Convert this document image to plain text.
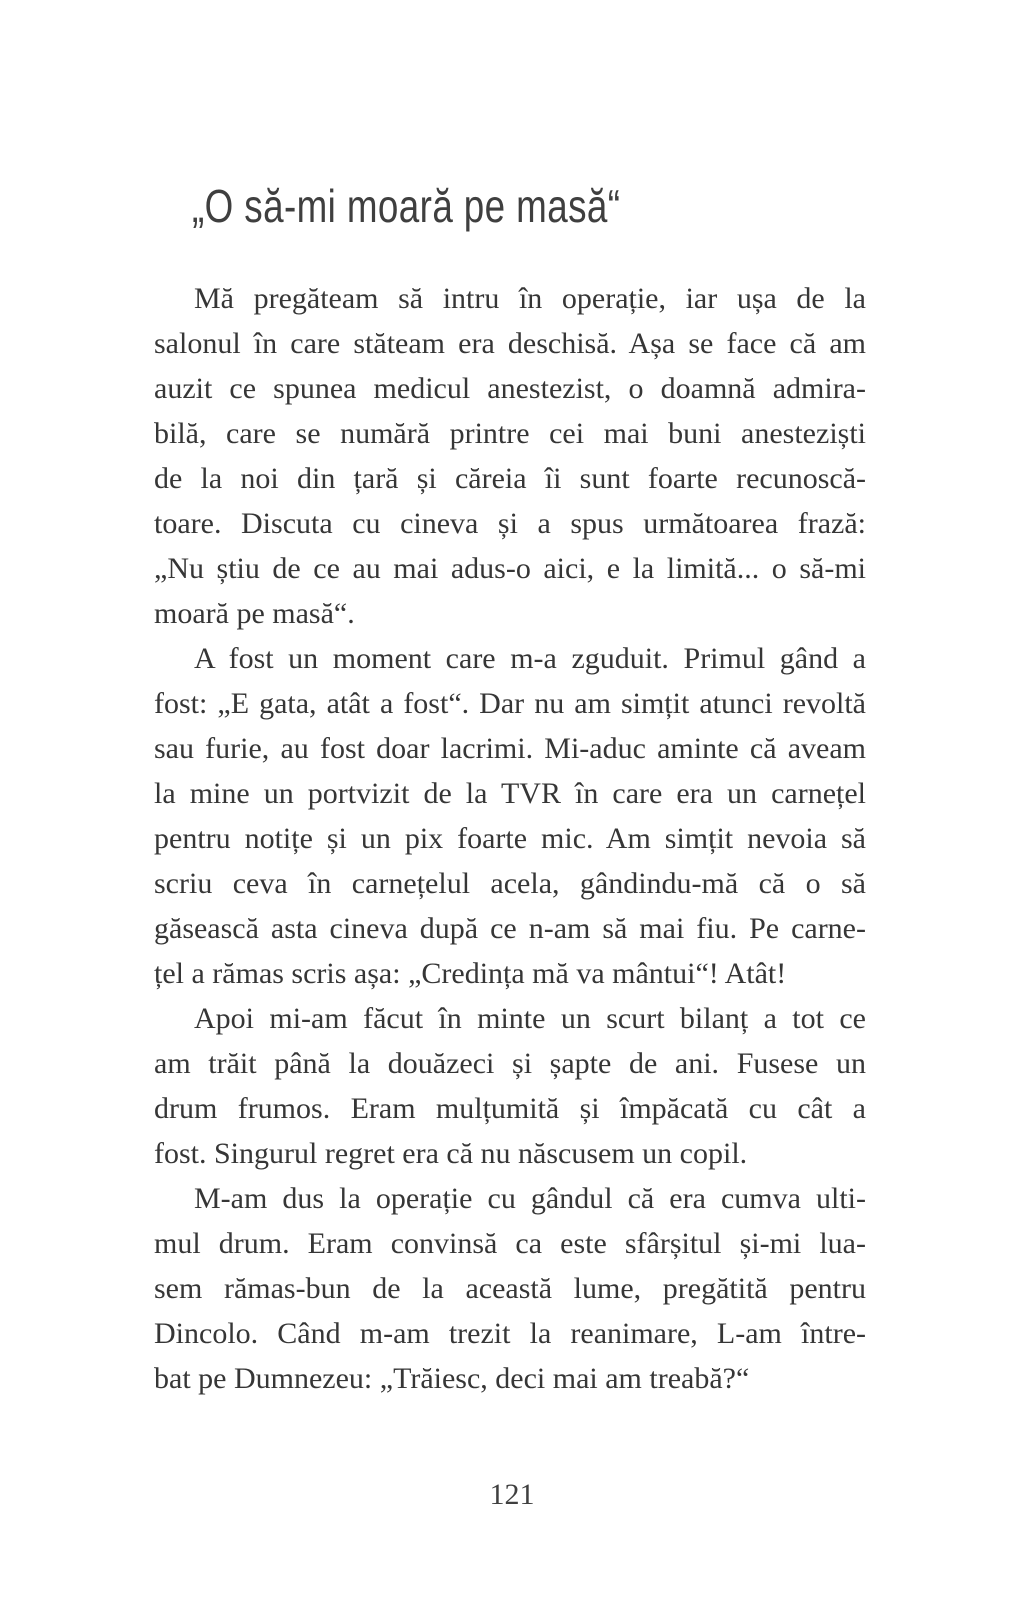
„O să-mi moară pe masă“
Mă pregăteam să intru în operație, iar ușa de la
salonul în care stăteam era deschisă. Așa se face că am
auzit ce spunea medicul anestezist, o doamnă admira-
bilă, care se numără printre cei mai buni anesteziști
de la noi din țară și căreia îi sunt foarte recunoscă-
toare. Discuta cu cineva și a spus următoarea frază:
„Nu știu de ce au mai adus-o aici, e la limită... o să-mi
moară pe masă“.
A fost un moment care m-a zguduit. Primul gând a
fost: „E gata, atât a fost“. Dar nu am simțit atunci revoltă
sau furie, au fost doar lacrimi. Mi-aduc aminte că aveam
la mine un portvizit de la TVR în care era un carnețel
pentru notițe și un pix foarte mic. Am simțit nevoia să
scriu ceva în carnețelul acela, gândindu-mă că o să
găsească asta cineva după ce n-am să mai fiu. Pe carne-
țel a rămas scris așa: „Credința mă va mântui“! Atât!
Apoi mi-am făcut în minte un scurt bilanț a tot ce
am trăit până la douăzeci și șapte de ani. Fusese un
drum frumos. Eram mulțumită și împăcată cu cât a
fost. Singurul regret era că nu născusem un copil.
M-am dus la operație cu gândul că era cumva ulti-
mul drum. Eram convinsă ca este sfârșitul și-mi lua-
sem rămas-bun de la această lume, pregătită pentru
Dincolo. Când m-am trezit la reanimare, L-am între-
bat pe Dumnezeu: „Trăiesc, deci mai am treabă?“
121
